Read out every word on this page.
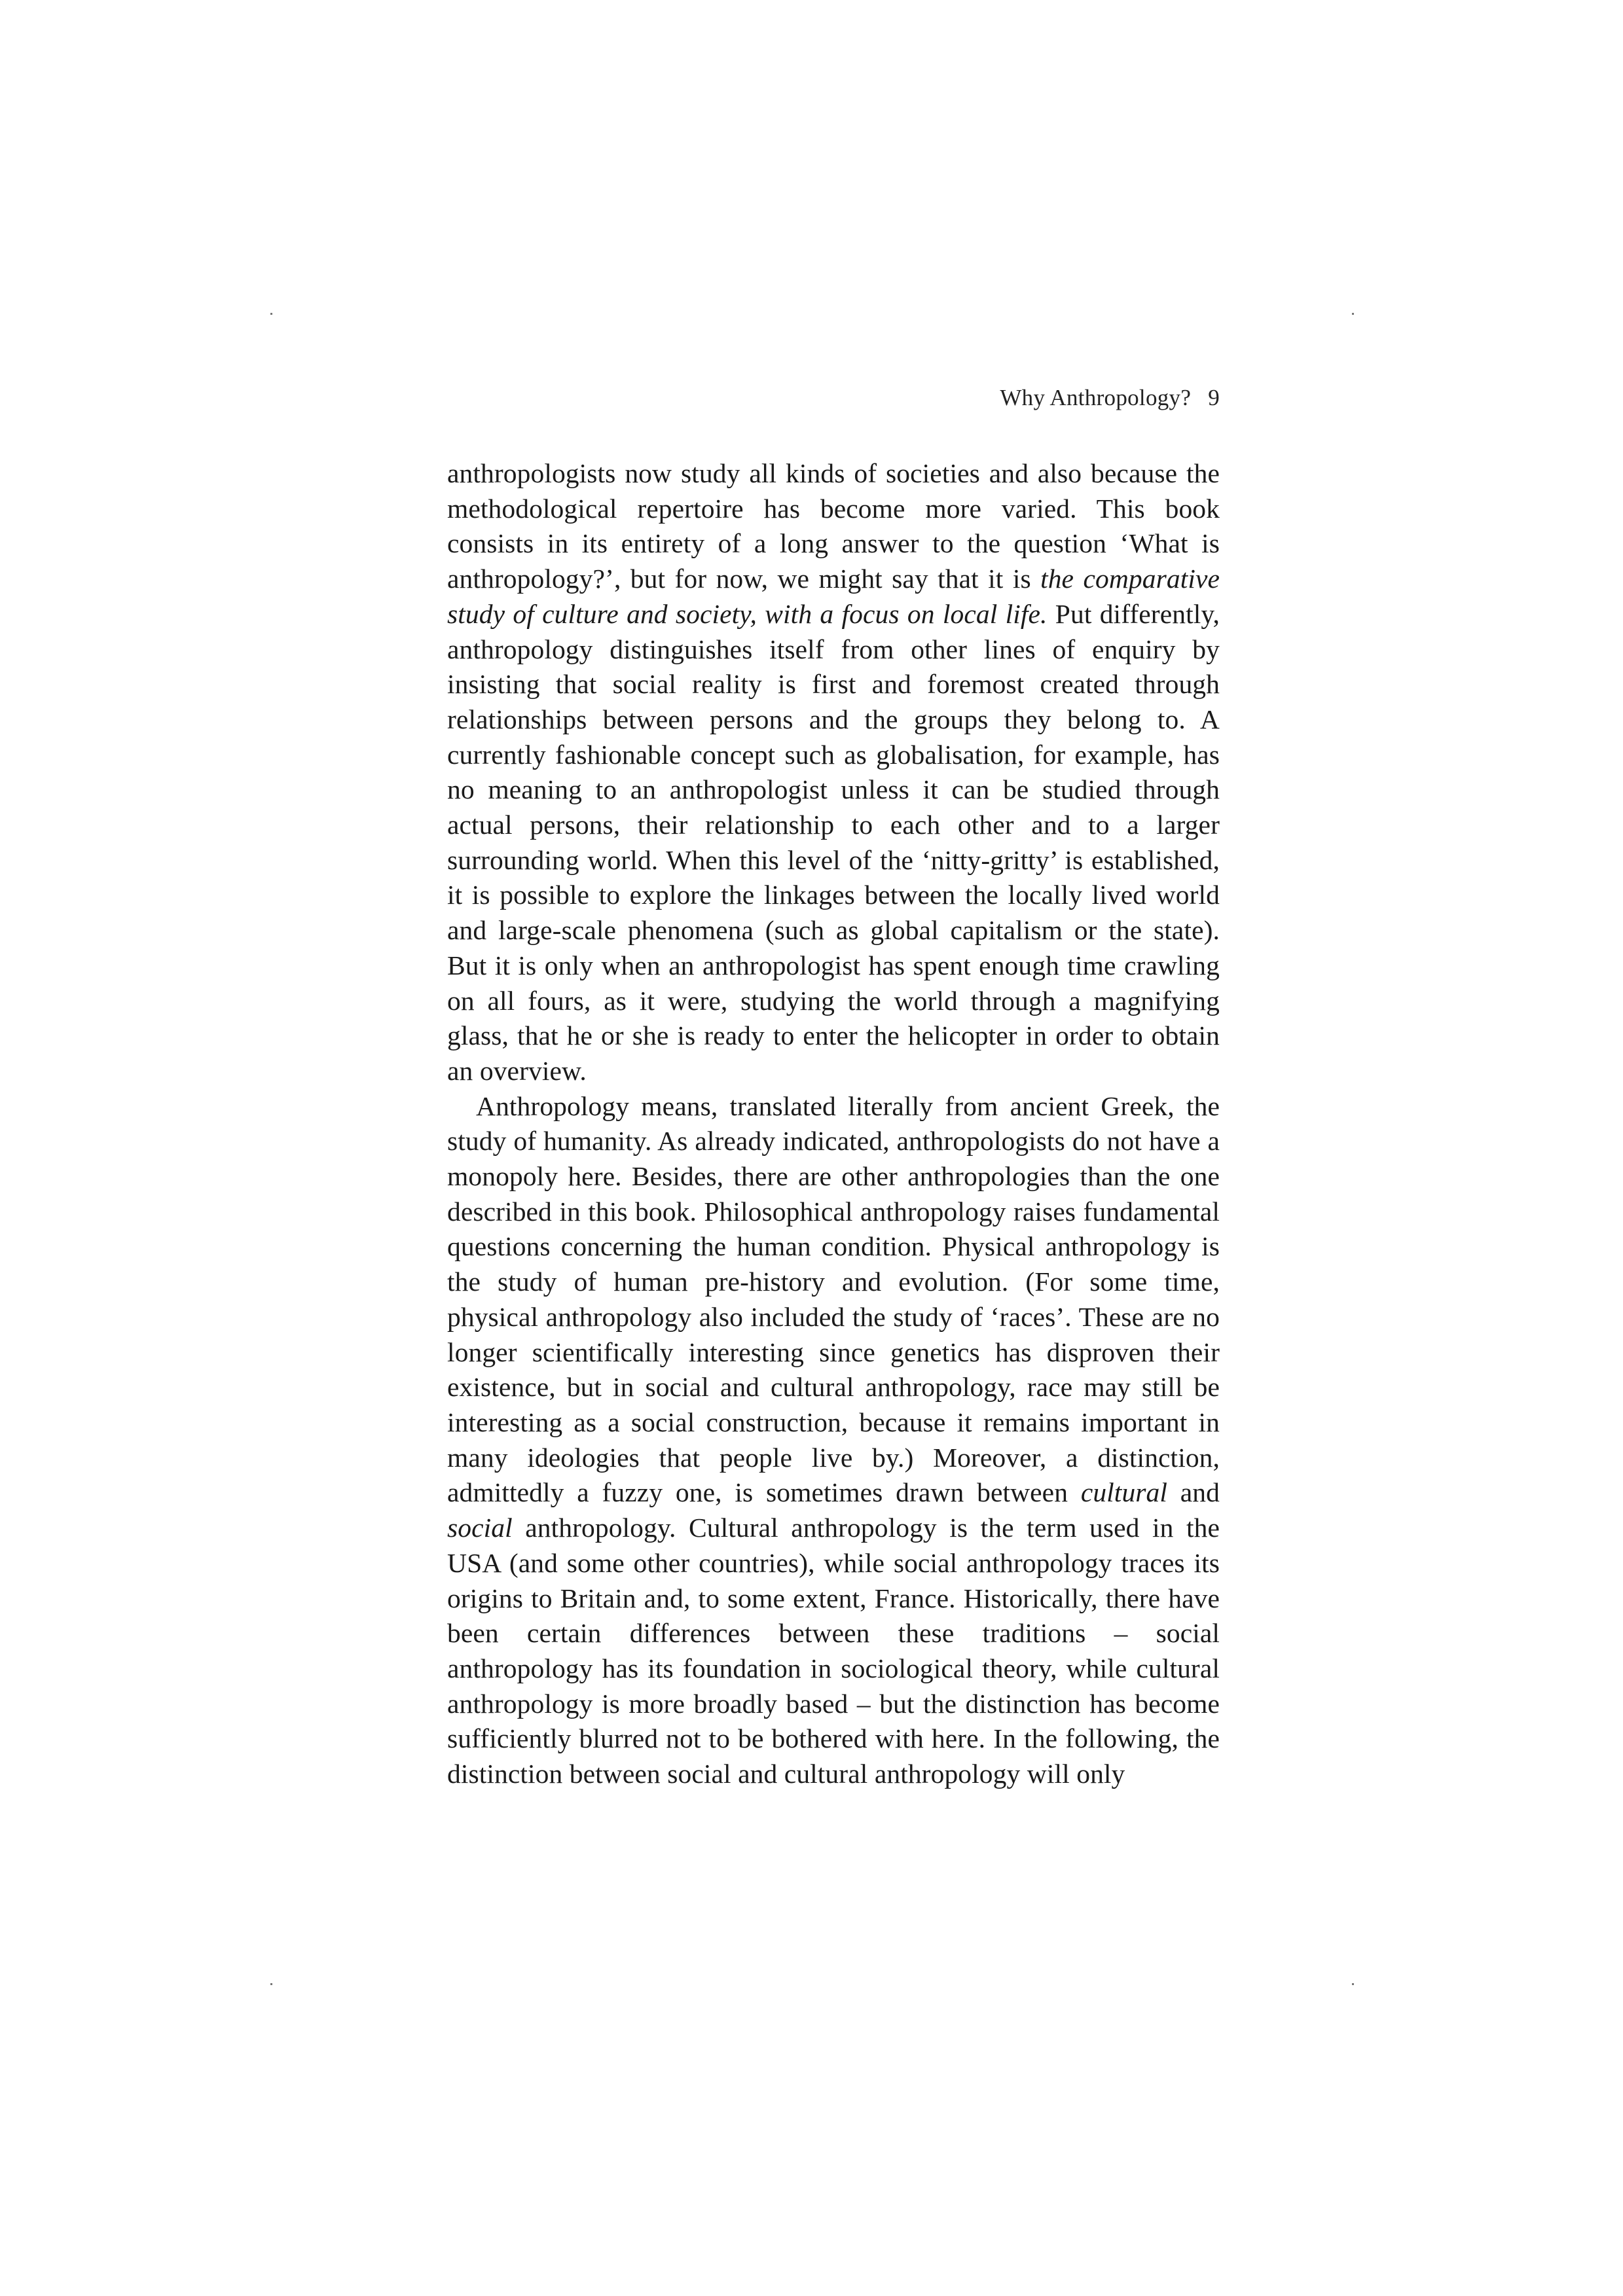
Why Anthropology? 9

anthropologists now study all kinds of societies and also because the methodological repertoire has become more varied. This book consists in its entirety of a long answer to the question ‘What is anthropology?’, but for now, we might say that it is the comparative study of culture and society, with a focus on local life. Put differently, anthropology distinguishes itself from other lines of enquiry by insisting that social reality is first and foremost created through relationships between persons and the groups they belong to. A currently fashionable concept such as globalisation, for example, has no meaning to an anthropologist unless it can be studied through actual persons, their relationship to each other and to a larger surrounding world. When this level of the ‘nitty-gritty’ is established, it is possible to explore the linkages between the locally lived world and large-scale phenomena (such as global capitalism or the state). But it is only when an anthropologist has spent enough time crawling on all fours, as it were, studying the world through a magnifying glass, that he or she is ready to enter the helicopter in order to obtain an overview.

Anthropology means, translated literally from ancient Greek, the study of humanity. As already indicated, anthropologists do not have a monopoly here. Besides, there are other anthropologies than the one described in this book. Philosophical anthropology raises fundamental questions concerning the human condition. Physical anthropology is the study of human pre-history and evolution. (For some time, physical anthropology also included the study of ‘races’. These are no longer scientifically interesting since genetics has disproven their existence, but in social and cultural anthropology, race may still be interesting as a social construction, because it remains important in many ideologies that people live by.) Moreover, a distinction, admittedly a fuzzy one, is sometimes drawn between cultural and social anthropology. Cultural anthropology is the term used in the USA (and some other countries), while social anthropology traces its origins to Britain and, to some extent, France. Historically, there have been certain differences between these traditions – social anthropology has its foundation in sociological theory, while cultural anthropology is more broadly based – but the distinction has become sufficiently blurred not to be bothered with here. In the following, the distinction between social and cultural anthropology will only
